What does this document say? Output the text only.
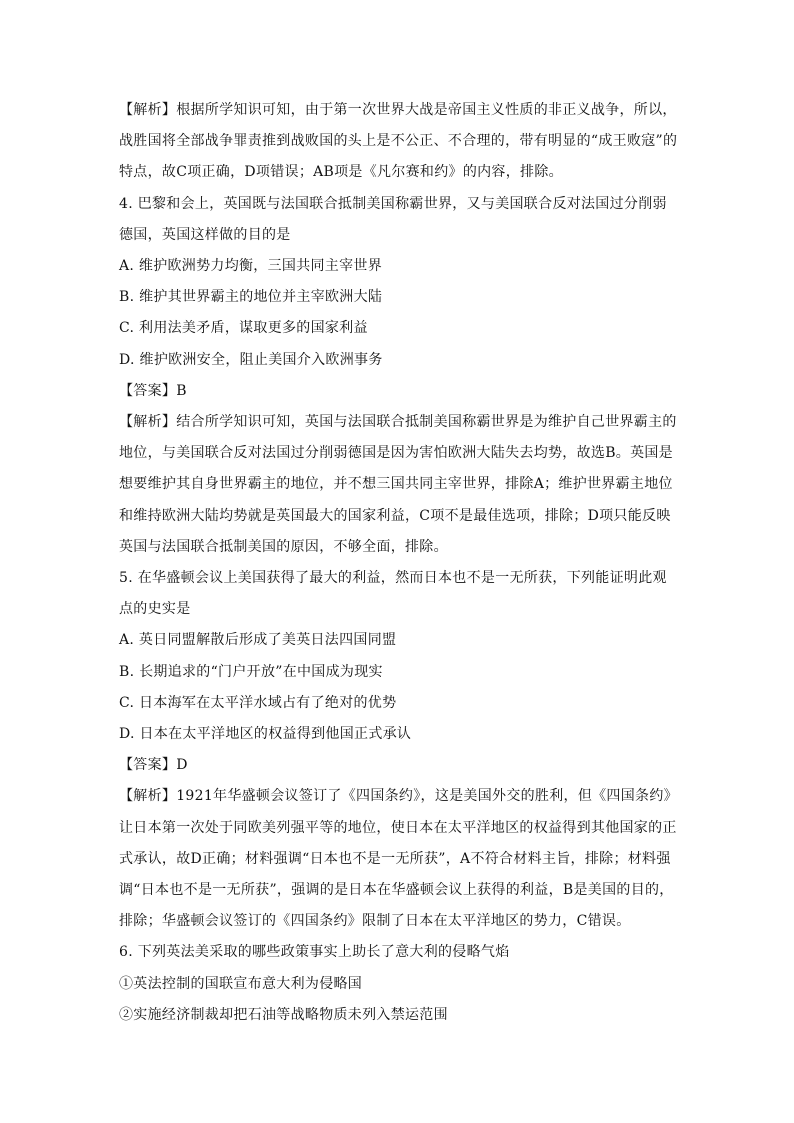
【解析】根据所学知识可知，由于第一次世界大战是帝国主义性质的非正义战争，所以，战胜国将全部战争罪责推到战败国的头上是不公正、不合理的，带有明显的“成王败寇”的特点，故C项正确，D项错误；AB项是《凡尔赛和约》的内容，排除。

4. 巴黎和会上，英国既与法国联合抵制美国称霸世界，又与美国联合反对法国过分削弱德国，英国这样做的目的是

A. 维护欧洲势力均衡，三国共同主宰世界

B. 维护其世界霸主的地位并主宰欧洲大陆

C. 利用法美矛盾，谋取更多的国家利益

D. 维护欧洲安全，阻止美国介入欧洲事务

【答案】B

【解析】结合所学知识可知，英国与法国联合抵制美国称霸世界是为维护自己世界霸主的地位，与美国联合反对法国过分削弱德国是因为害怕欧洲大陆失去均势，故选B。英国是想要维护其自身世界霸主的地位，并不想三国共同主宰世界，排除A；维护世界霸主地位和维持欧洲大陆均势就是英国最大的国家利益，C项不是最佳选项，排除；D项只能反映英国与法国联合抵制美国的原因，不够全面，排除。

5. 在华盛顿会议上美国获得了最大的利益，然而日本也不是一无所获，下列能证明此观点的史实是

A. 英日同盟解散后形成了美英日法四国同盟

B. 长期追求的“门户开放”在中国成为现实

C. 日本海军在太平洋水域占有了绝对的优势

D. 日本在太平洋地区的权益得到他国正式承认

【答案】D

【解析】1921年华盛顿会议签订了《四国条约》，这是美国外交的胜利，但《四国条约》让日本第一次处于同欧美列强平等的地位，使日本在太平洋地区的权益得到其他国家的正式承认，故D正确；材料强调“日本也不是一无所获”，A不符合材料主旨，排除；材料强调“日本也不是一无所获”，强调的是日本在华盛顿会议上获得的利益，B是美国的目的，排除；华盛顿会议签订的《四国条约》限制了日本在太平洋地区的势力，C错误。

6. 下列英法美采取的哪些政策事实上助长了意大利的侵略气焰

①英法控制的国联宣布意大利为侵略国

②实施经济制裁却把石油等战略物质未列入禁运范围
